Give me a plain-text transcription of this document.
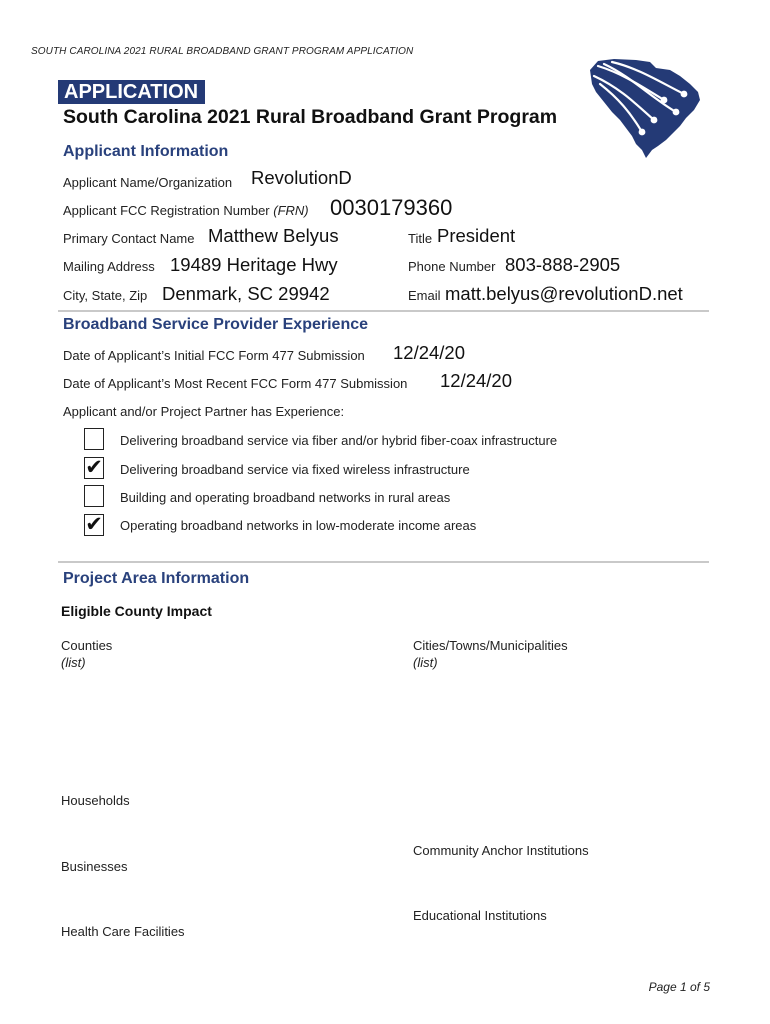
SOUTH CAROLINA 2021 RURAL BROADBAND GRANT PROGRAM APPLICATION
APPLICATION
South Carolina 2021 Rural Broadband Grant Program
Applicant Information
Applicant Name/Organization RevolutionD
Applicant FCC Registration Number (FRN) 0030179360
Primary Contact Name Matthew Belyus	Title President
Mailing Address 19489 Heritage Hwy	Phone Number 803-888-2905
City, State, Zip Denmark, SC 29942	Email matt.belyus@revolutionD.net
Broadband Service Provider Experience
Date of Applicant’s Initial FCC Form 477 Submission 12/24/20
Date of Applicant’s Most Recent FCC Form 477 Submission 12/24/20
Applicant and/or Project Partner has Experience:
Delivering broadband service via fiber and/or hybrid fiber-coax infrastructure
✔ Delivering broadband service via fixed wireless infrastructure
Building and operating broadband networks in rural areas
✔ Operating broadband networks in low-moderate income areas
Project Area Information
Eligible County Impact
Counties
(list)
Cities/Towns/Municipalities
(list)
Households
Community Anchor Institutions
Businesses
Educational Institutions
Health Care Facilities
Page 1 of 5
